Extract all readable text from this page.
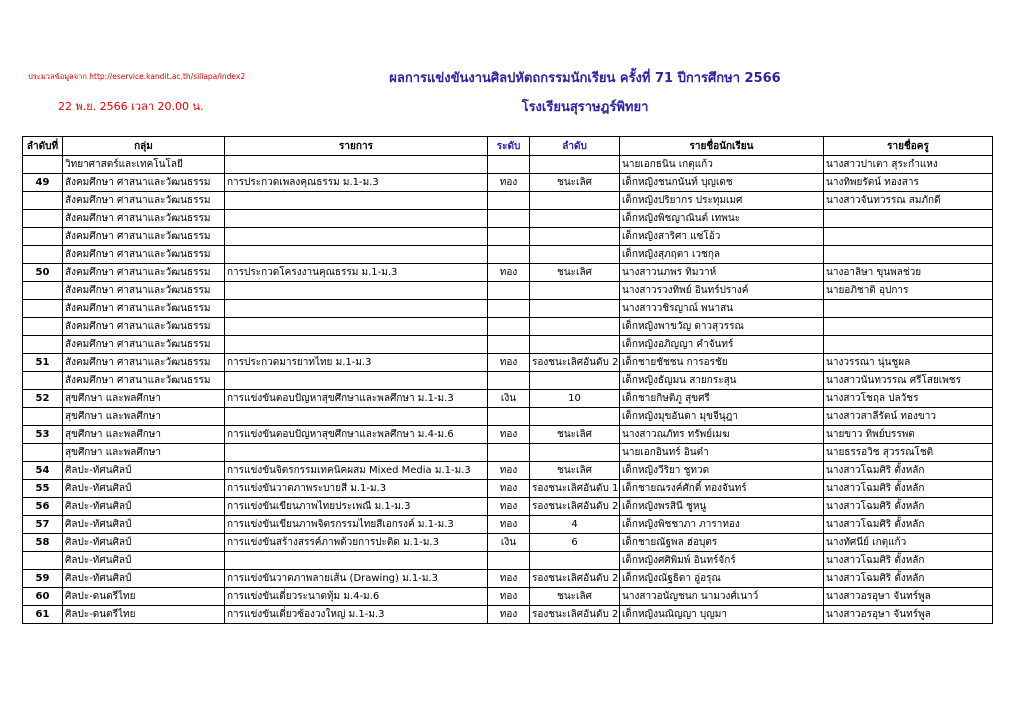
ประมวลข้อมูลจาก http://eservice.kandit.ac.th/sillapa/index2
22 พ.ย. 2566 เวลา 20.00 น.
ผลการแข่งขันงานศิลปหัตถกรรมนักเรียน ครั้งที่ 71 ปีการศึกษา 2566
โรงเรียนสุราษฎร์พิทยา
ลำดับที่	กลุ่ม	รายการ	ระดับ	ลำดับ	รายชื่อนักเรียน	รายชื่อครู
	วิทยาศาสตร์และเทคโนโลยี				นายเอกธนิน เกตุแก้ว	นางสาวปาเตา สุระกำแหง
49	สังคมศึกษา ศาสนาและวัฒนธรรม	การประกวดเพลงคุณธรรม ม.1-ม.3	ทอง	ชนะเลิศ	เด็กหญิงชนกนันท์ บุญเดช	นางทิพยรัตน์ ทองสาร
	สังคมศึกษา ศาสนาและวัฒนธรรม				เด็กหญิงปริยากร ประทุมเมศ	นางสาวจันทวรรณ สมภักดี
	สังคมศึกษา ศาสนาและวัฒนธรรม				เด็กหญิงพิชญาณินต์ เทพนะ	
	สังคมศึกษา ศาสนาและวัฒนธรรม				เด็กหญิงสาริศา แซ่โอ้ว	
	สังคมศึกษา ศาสนาและวัฒนธรรม				เด็กหญิงสุภฤตา เวชกุล	
50	สังคมศึกษา ศาสนาและวัฒนธรรม	การประกวดโครงงานคุณธรรม ม.1-ม.3	ทอง	ชนะเลิศ	นางสาวนภพร ทิมวาห์	นางอาลิษา ขุนพลช่วย
	สังคมศึกษา ศาสนาและวัฒนธรรม				นางสาวรวงทิพย์ อินทร์ปรางค์	นายอภิชาติ อุปการ
	สังคมศึกษา ศาสนาและวัฒนธรรม				นางสาววชิรญาณ์ พนาสน	
	สังคมศึกษา ศาสนาและวัฒนธรรม				เด็กหญิงพาขวัญ ดาวสุวรรณ	
	สังคมศึกษา ศาสนาและวัฒนธรรม				เด็กหญิงอภิญญา คำจันทร์	
51	สังคมศึกษา ศาสนาและวัฒนธรรม	การประกวดมารยาทไทย ม.1-ม.3	ทอง	รองชนะเลิศอันดับ 2	เด็กชายชัชชน การอรชัย	นางวรรณา นุ่นชูผล
	สังคมศึกษา ศาสนาและวัฒนธรรม				เด็กหญิงธัญมน สายกระสุน	นางสาวนันทวรรณ ศรีโสยเพชร
52	สุขศึกษา และพลศึกษา	การแข่งขันตอบปัญหาสุขศึกษาและพลศึกษา ม.1-ม.3	เงิน	10	เด็กชายกิษติภู สุขศรี	นางสาวโชฤล ปลวัชร
	สุขศึกษา และพลศึกษา				เด็กหญิงมุขอันดา มุขจีนุฎา	นางสาวสาลีรัตน์ ทองขาว
53	สุขศึกษา และพลศึกษา	การแข่งขันตอบปัญหาสุขศึกษาและพลศึกษา ม.4-ม.6	ทอง	ชนะเลิศ	นางสาวณภัทร ทรัพย์เมฆ	นายขาว ทิพย์บรรพต
	สุขศึกษา และพลศึกษา				นายเอกอินทร์ อินต๋า	นายธรรอวิช สุวรรณโชติ
54	ศิลปะ-ทัศนศิลป์	การแข่งขันจิตรกรรมเทคนิคผสม Mixed Media ม.1-ม.3	ทอง	ชนะเลิศ	เด็กหญิงวีริยา ชูทวด	นางสาวโฉมศิริ ตั้งหลัก
55	ศิลปะ-ทัศนศิลป์	การแข่งขันวาดภาพระบายสี ม.1-ม.3	ทอง	รองชนะเลิศอันดับ 1	เด็กชายณรงค์ศักดิ์ ทองจันทร์	นางสาวโฉมศิริ ตั้งหลัก
56	ศิลปะ-ทัศนศิลป์	การแข่งขันเขียนภาพไทยประเพณี ม.1-ม.3	ทอง	รองชนะเลิศอันดับ 2	เด็กหญิงพรสินี ชูหนู	นางสาวโฉมศิริ ตั้งหลัก
57	ศิลปะ-ทัศนศิลป์	การแข่งขันเขียนภาพจิตรกรรมไทยสีเอกรงค์ ม.1-ม.3	ทอง	4	เด็กหญิงพิชชาภา ภาราทอง	นางสาวโฉมศิริ ตั้งหลัก
58	ศิลปะ-ทัศนศิลป์	การแข่งขันสร้างสรรค์ภาพด้วยการปะติด ม.1-ม.3	เงิน	6	เด็กชายณัฐพล ฮ่อบุตร	นางทัศนีย์ เกตุแก้ว
	ศิลปะ-ทัศนศิลป์				เด็กหญิงศศิพิมพ์ อินทร์จักร์	นางสาวโฉมศิริ ตั้งหลัก
59	ศิลปะ-ทัศนศิลป์	การแข่งขันวาดภาพลายเส้น (Drawing) ม.1-ม.3	ทอง	รองชนะเลิศอันดับ 2	เด็กหญิงณัฐธิดา อู่อรุณ	นางสาวโฉมศิริ ตั้งหลัก
60	ศิลปะ-ดนตรีไทย	การแข่งขันเดี่ยวระนาดทุ้ม ม.4-ม.6	ทอง	ชนะเลิศ	นางสาวอนัญชนก นามวงศ์เนาว์	นางสาวอรอุษา จันทร์พูล
61	ศิลปะ-ดนตรีไทย	การแข่งขันเดี่ยวซ้องวงใหญ่ ม.1-ม.3	ทอง	รองชนะเลิศอันดับ 2	เด็กหญิงนณิญญา บุญมา	นางสาวอรอุษา จันทร์พูล
